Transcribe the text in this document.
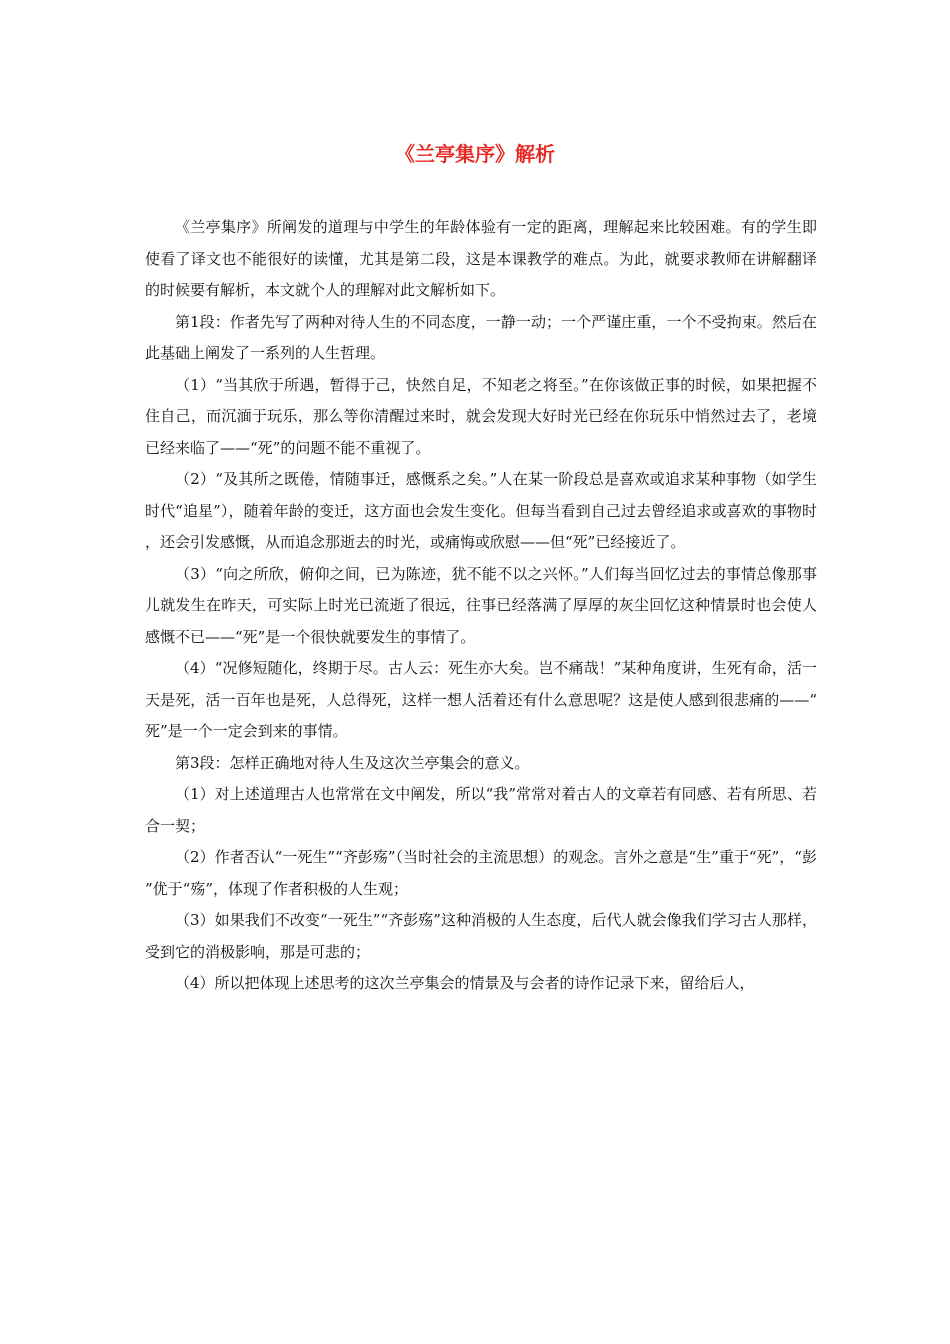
《兰亭集序》解析

《兰亭集序》所阐发的道理与中学生的年龄体验有一定的距离，理解起来比较困难。有的学生即使看了译文也不能很好的读懂，尤其是第二段，这是本课教学的难点。为此，就要求教师在讲解翻译的时候要有解析，本文就个人的理解对此文解析如下。

第1段：作者先写了两种对待人生的不同态度，一静一动；一个严谨庄重，一个不受拘束。然后在此基础上阐发了一系列的人生哲理。

（1）“当其欣于所遇，暂得于己，快然自足，不知老之将至。”在你该做正事的时候，如果把握不住自己，而沉湎于玩乐，那么等你清醒过来时，就会发现大好时光已经在你玩乐中悄然过去了，老境已经来临了——“死”的问题不能不重视了。

（2）“及其所之既倦，情随事迁，感慨系之矣。”人在某一阶段总是喜欢或追求某种事物（如学生时代“追星”），随着年龄的变迁，这方面也会发生变化。但每当看到自己过去曾经追求或喜欢的事物时，还会引发感慨，从而追念那逝去的时光，或痛悔或欣慰——但“死”已经接近了。

（3）“向之所欣，俯仰之间，已为陈迹，犹不能不以之兴怀。”人们每当回忆过去的事情总像那事儿就发生在昨天，可实际上时光已流逝了很远，往事已经落满了厚厚的灰尘回忆这种情景时也会使人感慨不已——“死”是一个很快就要发生的事情了。

（4）“况修短随化，终期于尽。古人云：死生亦大矣。岂不痛哉！”某种角度讲，生死有命，活一天是死，活一百年也是死，人总得死，这样一想人活着还有什么意思呢？这是使人感到很悲痛的——“死”是一个一定会到来的事情。

第3段：怎样正确地对待人生及这次兰亭集会的意义。

（1）对上述道理古人也常常在文中阐发，所以“我”常常对着古人的文章若有同感、若有所思、若合一契；

（2）作者否认“一死生”“齐彭殇”（当时社会的主流思想）的观念。言外之意是“生”重于“死”，“彭”优于“殇”，体现了作者积极的人生观；

（3）如果我们不改变“一死生”“齐彭殇”这种消极的人生态度，后代人就会像我们学习古人那样，受到它的消极影响，那是可悲的；

（4）所以把体现上述思考的这次兰亭集会的情景及与会者的诗作记录下来，留给后人，
